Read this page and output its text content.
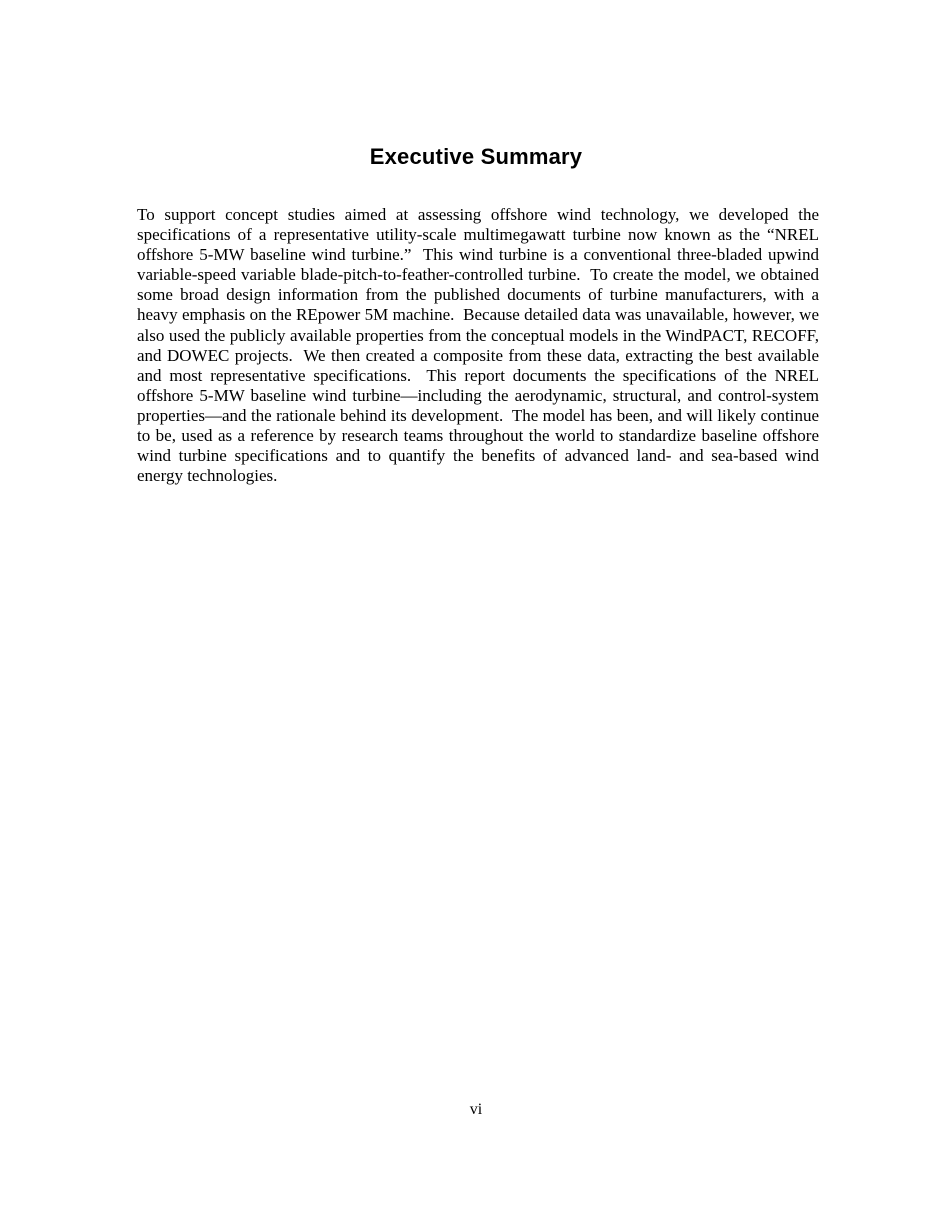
Executive Summary

To support concept studies aimed at assessing offshore wind technology, we developed the specifications of a representative utility-scale multimegawatt turbine now known as the “NREL offshore 5-MW baseline wind turbine.”  This wind turbine is a conventional three-bladed upwind variable-speed variable blade-pitch-to-feather-controlled turbine.  To create the model, we obtained some broad design information from the published documents of turbine manufacturers, with a heavy emphasis on the REpower 5M machine.  Because detailed data was unavailable, however, we also used the publicly available properties from the conceptual models in the WindPACT, RECOFF, and DOWEC projects.  We then created a composite from these data, extracting the best available and most representative specifications.  This report documents the specifications of the NREL offshore 5-MW baseline wind turbine—including the aerodynamic, structural, and control-system properties—and the rationale behind its development.  The model has been, and will likely continue to be, used as a reference by research teams throughout the world to standardize baseline offshore wind turbine specifications and to quantify the benefits of advanced land- and sea-based wind energy technologies.

vi
